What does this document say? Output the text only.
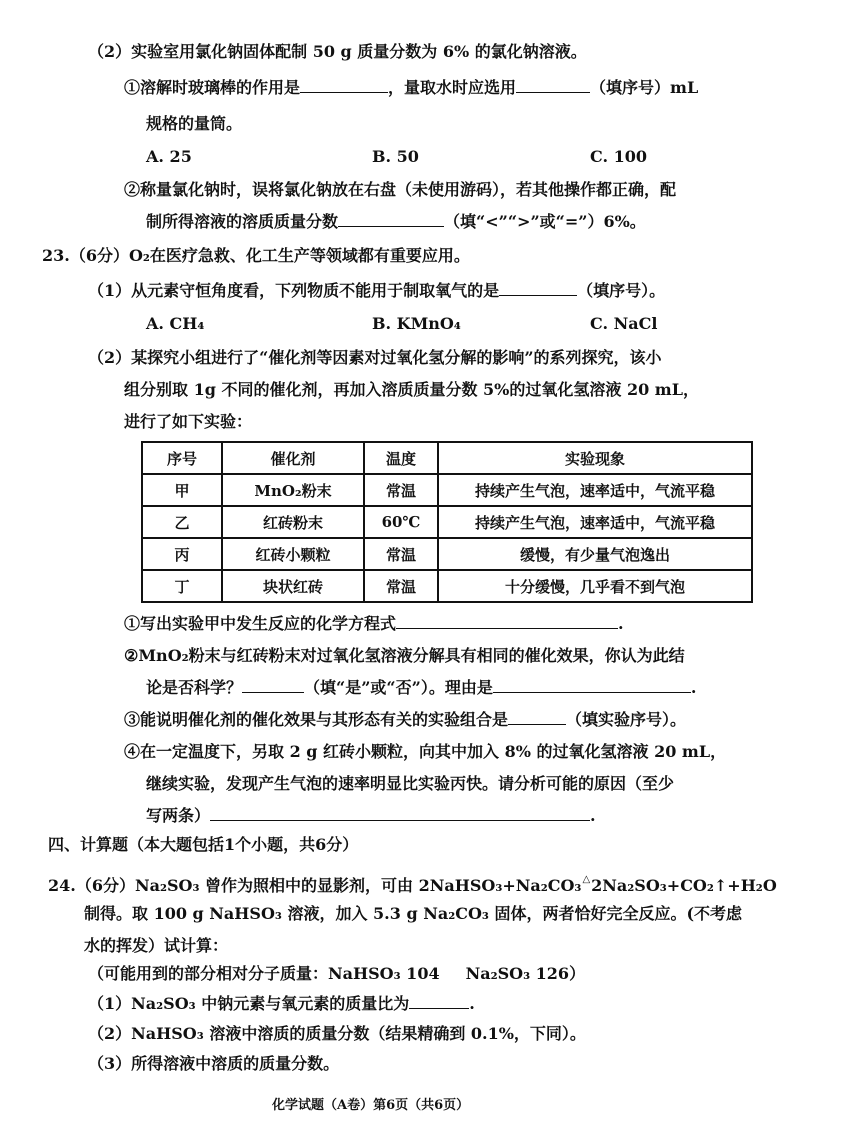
（2）实验室用氯化钠固体配制 50 g 质量分数为 6% 的氯化钠溶液。
①溶解时玻璃棒的作用是	，量取水时应选用	（填序号）mL
规格的量筒。
A. 25	B. 50	C. 100
②称量氯化钠时，误将氯化钠放在右盘（未使用游码），若其他操作都正确，配
制所得溶液的溶质质量分数	（填“<”“>”或“=”）6%。
23.（6分）O₂在医疗急救、化工生产等领域都有重要应用。
（1）从元素守恒角度看，下列物质不能用于制取氧气的是	（填序号）。
A. CH₄	B. KMnO₄	C. NaCl
（2）某探究小组进行了“催化剂等因素对过氧化氢分解的影响”的系列探究，该小
组分别取 1g 不同的催化剂，再加入溶质质量分数 5%的过氧化氢溶液 20 mL，
进行了如下实验：
序号	催化剂	温度	实验现象
甲	MnO₂粉末	常温	持续产生气泡，速率适中，气流平稳
乙	红砖粉末	60℃	持续产生气泡，速率适中，气流平稳
丙	红砖小颗粒	常温	缓慢，有少量气泡逸出
丁	块状红砖	常温	十分缓慢，几乎看不到气泡
①写出实验甲中发生反应的化学方程式	.
②MnO₂粉末与红砖粉末对过氧化氢溶液分解具有相同的催化效果，你认为此结
论是否科学？	（填“是”或“否”）。理由是	.
③能说明催化剂的催化效果与其形态有关的实验组合是	（填实验序号）。
④在一定温度下，另取 2 g 红砖小颗粒，向其中加入 8% 的过氧化氢溶液 20 mL，
继续实验，发现产生气泡的速率明显比实验丙快。请分析可能的原因（至少
写两条）	.
四、计算题（本大题包括1个小题，共6分）
24.（6分）Na₂SO₃ 曾作为照相中的显影剂，可由 2NaHSO₃+Na₂CO₃△2Na₂SO₃+CO₂↑+H₂O
制得。取 100 g NaHSO₃ 溶液，加入 5.3 g Na₂CO₃ 固体，两者恰好完全反应。(不考虑
水的挥发）试计算：
（可能用到的部分相对分子质量：NaHSO₃ 104 Na₂SO₃ 126）
（1）Na₂SO₃ 中钠元素与氧元素的质量比为	.
（2）NaHSO₃ 溶液中溶质的质量分数（结果精确到 0.1%，下同）。
（3）所得溶液中溶质的质量分数。
化学试题（A卷）第6页（共6页）
